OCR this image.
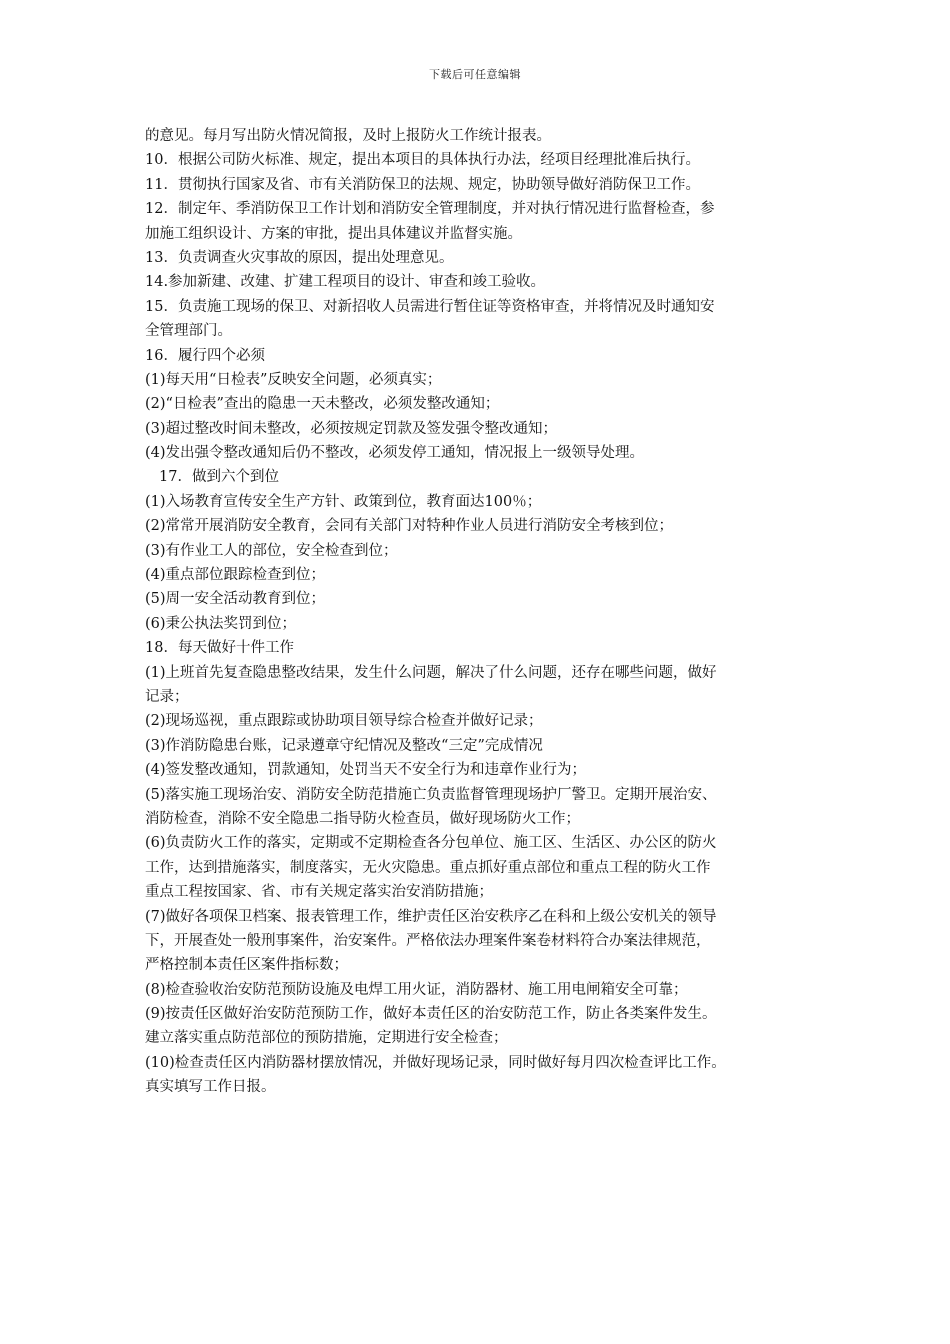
下载后可任意编辑
的意见。每月写出防火情况简报，及时上报防火工作统计报表。
10．根据公司防火标准、规定，提出本项目的具体执行办法，经项目经理批准后执行。
11．贯彻执行国家及省、市有关消防保卫的法规、规定，协助领导做好消防保卫工作。
12．制定年、季消防保卫工作计划和消防安全管理制度，并对执行情况进行监督检查，参
加施工组织设计、方案的审批，提出具体建议并监督实施。
13．负责调查火灾事故的原因，提出处理意见。
14.参加新建、改建、扩建工程项目的设计、审查和竣工验收。
15．负责施工现场的保卫、对新招收人员需进行暂住证等资格审查，并将情况及时通知安
全管理部门。
16．履行四个必须
(1)每天用“日检表”反映安全问题，必须真实；
(2)“日检表”查出的隐患一天未整改，必须发整改通知；
(3)超过整改时间未整改，必须按规定罚款及签发强令整改通知；
(4)发出强令整改通知后仍不整改，必须发停工通知，情况报上一级领导处理。
17．做到六个到位
(1)入场教育宣传安全生产方针、政策到位，教育面达100％；
(2)常常开展消防安全教育，会同有关部门对特种作业人员进行消防安全考核到位；
(3)有作业工人的部位，安全检查到位；
(4)重点部位跟踪检查到位；
(5)周一安全活动教育到位；
(6)秉公执法奖罚到位；
18．每天做好十件工作
(1)上班首先复查隐患整改结果，发生什么问题，解决了什么问题，还存在哪些问题，做好
记录；
(2)现场巡视，重点跟踪或协助项目领导综合检查并做好记录；
(3)作消防隐患台账，记录遵章守纪情况及整改“三定”完成情况
(4)签发整改通知，罚款通知，处罚当天不安全行为和违章作业行为；
(5)落实施工现场治安、消防安全防范措施亡负责监督管理现场护厂警卫。定期开展治安、
消防检查，消除不安全隐患二指导防火检查员，做好现场防火工作；
(6)负责防火工作的落实，定期或不定期检查各分包单位、施工区、生活区、办公区的防火
工作，达到措施落实，制度落实，无火灾隐患。重点抓好重点部位和重点工程的防火工作
重点工程按国家、省、市有关规定落实治安消防措施；
(7)做好各项保卫档案、报表管理工作，维护责任区治安秩序乙在科和上级公安机关的领导
下，开展查处一般刑事案件，治安案件。严格依法办理案件案卷材料符合办案法律规范，
严格控制本责任区案件指标数；
(8)检查验收治安防范预防设施及电焊工用火证，消防器材、施工用电闸箱安全可靠；
(9)按责任区做好治安防范预防工作，做好本责任区的治安防范工作，防止各类案件发生。
建立落实重点防范部位的预防措施，定期进行安全检查；
(10)检查责任区内消防器材摆放情况，并做好现场记录，同时做好每月四次检查评比工作。
真实填写工作日报。
